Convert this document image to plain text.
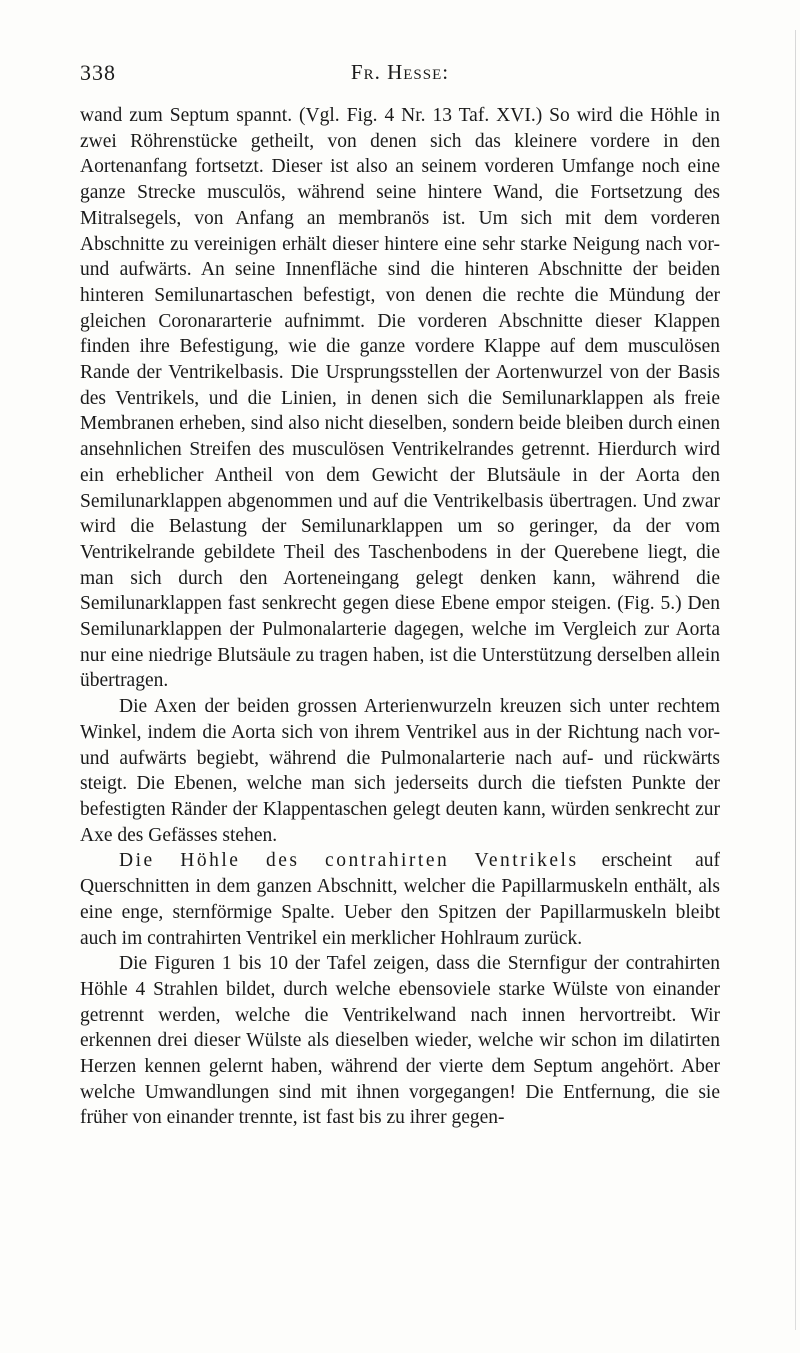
338	Fr. Hesse:

wand zum Septum spannt. (Vgl. Fig. 4 Nr. 13 Taf. XVI.) So wird die Höhle in zwei Röhrenstücke getheilt, von denen sich das kleinere vordere in den Aortenanfang fortsetzt. Dieser ist also an seinem vorderen Umfange noch eine ganze Strecke musculös, während seine hintere Wand, die Fortsetzung des Mitralsegels, von Anfang an membranös ist. Um sich mit dem vorderen Abschnitte zu vereinigen erhält dieser hintere eine sehr starke Neigung nach vor- und aufwärts. An seine Innenfläche sind die hinteren Abschnitte der beiden hinteren Semilunartaschen befestigt, von denen die rechte die Mündung der gleichen Coronararterie aufnimmt. Die vorderen Abschnitte dieser Klappen finden ihre Befestigung, wie die ganze vordere Klappe auf dem musculösen Rande der Ventrikelbasis. Die Ursprungsstellen der Aortenwurzel von der Basis des Ventrikels, und die Linien, in denen sich die Semilunarklappen als freie Membranen erheben, sind also nicht dieselben, sondern beide bleiben durch einen ansehnlichen Streifen des musculösen Ventrikelrandes getrennt. Hierdurch wird ein erheblicher Antheil von dem Gewicht der Blutsäule in der Aorta den Semilunarklappen abgenommen und auf die Ventrikelbasis übertragen. Und zwar wird die Belastung der Semilunarklappen um so geringer, da der vom Ventrikelrande gebildete Theil des Taschenbodens in der Querebene liegt, die man sich durch den Aorteneingang gelegt denken kann, während die Semilunarklappen fast senkrecht gegen diese Ebene empor steigen. (Fig. 5.) Den Semilunarklappen der Pulmonalarterie dagegen, welche im Vergleich zur Aorta nur eine niedrige Blutsäule zu tragen haben, ist die Unterstützung derselben allein übertragen.

Die Axen der beiden grossen Arterienwurzeln kreuzen sich unter rechtem Winkel, indem die Aorta sich von ihrem Ventrikel aus in der Richtung nach vor- und aufwärts begiebt, während die Pulmonalarterie nach auf- und rückwärts steigt. Die Ebenen, welche man sich jederseits durch die tiefsten Punkte der befestigten Ränder der Klappentaschen gelegt deuten kann, würden senkrecht zur Axe des Gefässes stehen.

Die Höhle des contrahirten Ventrikels erscheint auf Querschnitten in dem ganzen Abschnitt, welcher die Papillarmuskeln enthält, als eine enge, sternförmige Spalte. Ueber den Spitzen der Papillarmuskeln bleibt auch im contrahirten Ventrikel ein merklicher Hohlraum zurück.

Die Figuren 1 bis 10 der Tafel zeigen, dass die Sternfigur der contrahirten Höhle 4 Strahlen bildet, durch welche ebensoviele starke Wülste von einander getrennt werden, welche die Ventrikelwand nach innen hervortreibt. Wir erkennen drei dieser Wülste als dieselben wieder, welche wir schon im dilatirten Herzen kennen gelernt haben, während der vierte dem Septum angehört. Aber welche Umwandlungen sind mit ihnen vorgegangen! Die Entfernung, die sie früher von einander trennte, ist fast bis zu ihrer gegen-
